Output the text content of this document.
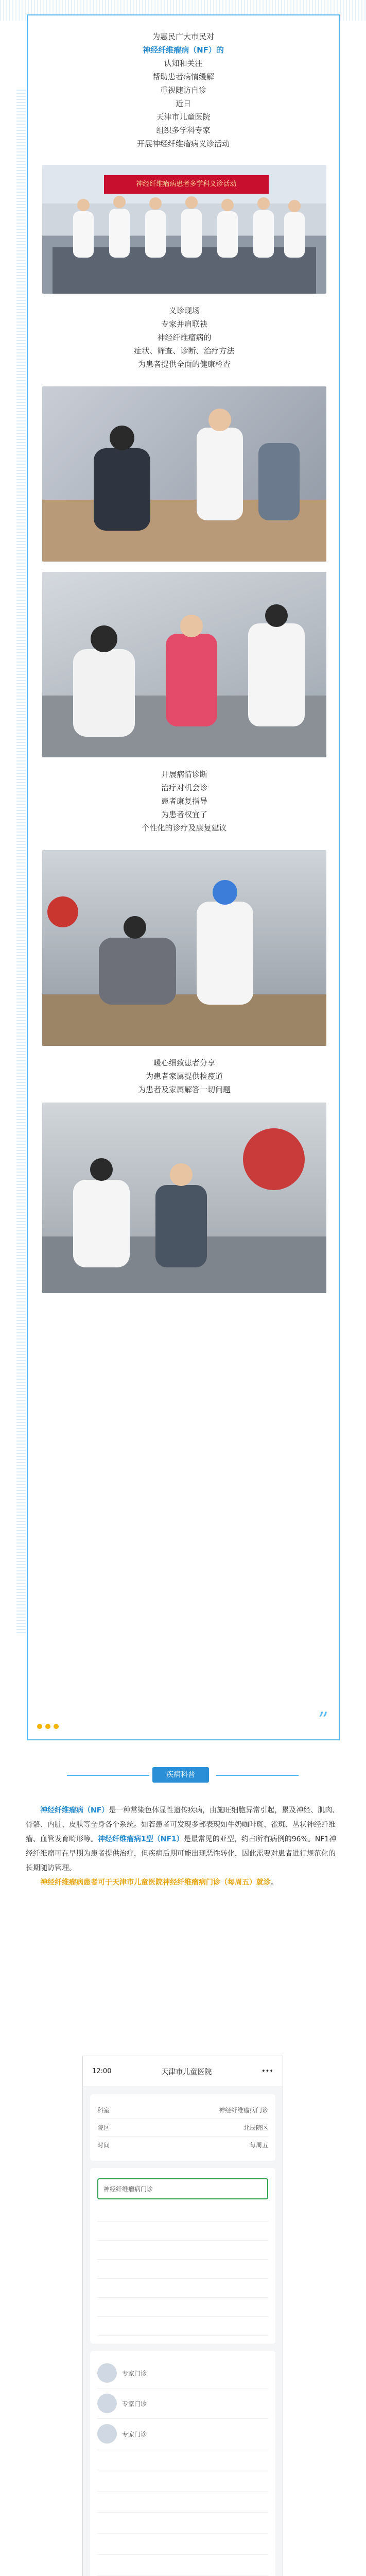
为惠民广大市民对
神经纤维瘤病（NF）的
认知和关注
帮助患者病情缓解
重视随访自诊
近日
天津市儿童医院
组织多学科专家
开展神经纤维瘤病义诊活动
神经纤维瘤病患者多学科义诊活动
义诊现场
专家并肩联袂
神经纤维瘤病的
症状、筛查、诊断、治疗方法
为患者提供全面的健康检查
开展病情诊断
治疗对机会诊
患者康复指导
为患者权宜了
个性化的诊疗及康复建议
暖心细致患者分享
为患者家属提供检疫道
为患者及家属解答一切问题
”
疾病科普

神经纤维瘤病（NF）是一种常染色体显性遗传疾病，由施旺细胞异常引起，累及神经、肌肉、骨骼、内脏、皮肤等全身各个系统。如若患者可发现多部表现如牛奶咖啡斑、雀斑、丛状神经纤维瘤、血管发育畸形等。神经纤维瘤病1型（NF1）是最常见的亚型，约占所有病例的96%。NF1神经纤维瘤可在早期为患者提供治疗，但疾病后期可能出现恶性转化，因此需要对患者进行规范化的长期随访管理。

神经纤维瘤病患者可于天津市儿童医院神经纤维瘤病门诊（每周五）就诊。

12:00	天津市儿童医院	•••
科室	神经纤维瘤病门诊
院区	北辰院区
时间	每周五
神经纤维瘤病门诊
专家门诊
专家门诊
专家门诊
